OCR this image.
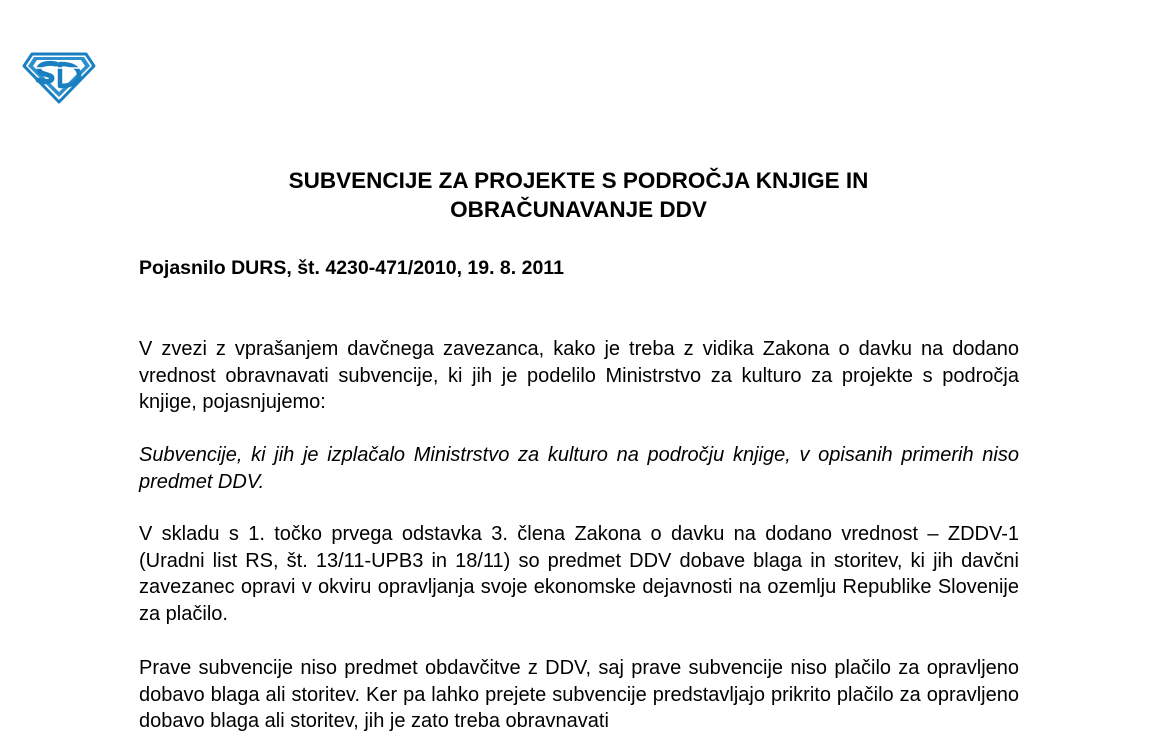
SUBVENCIJE ZA PROJEKTE S PODROČJA KNJIGE IN
OBRAČUNAVANJE DDV

Pojasnilo DURS, št. 4230-471/2010, 19. 8. 2011

V zvezi z vprašanjem davčnega zavezanca, kako je treba z vidika Zakona o davku na dodano vrednost obravnavati subvencije, ki jih je podelilo Ministrstvo za kulturo za projekte s področja knjige, pojasnjujemo:

Subvencije, ki jih je izplačalo Ministrstvo za kulturo na področju knjige, v opisanih primerih niso predmet DDV.

V skladu s 1. točko prvega odstavka 3. člena Zakona o davku na dodano vrednost – ZDDV-1 (Uradni list RS, št. 13/11-UPB3 in 18/11) so predmet DDV dobave blaga in storitev, ki jih davčni zavezanec opravi v okviru opravljanja svoje ekonomske dejavnosti na ozemlju Republike Slovenije za plačilo.

Prave subvencije niso predmet obdavčitve z DDV, saj prave subvencije niso plačilo za opravljeno dobavo blaga ali storitev. Ker pa lahko prejete subvencije predstavljajo prikrito plačilo za opravljeno dobavo blaga ali storitev, jih je zato treba obravnavati
